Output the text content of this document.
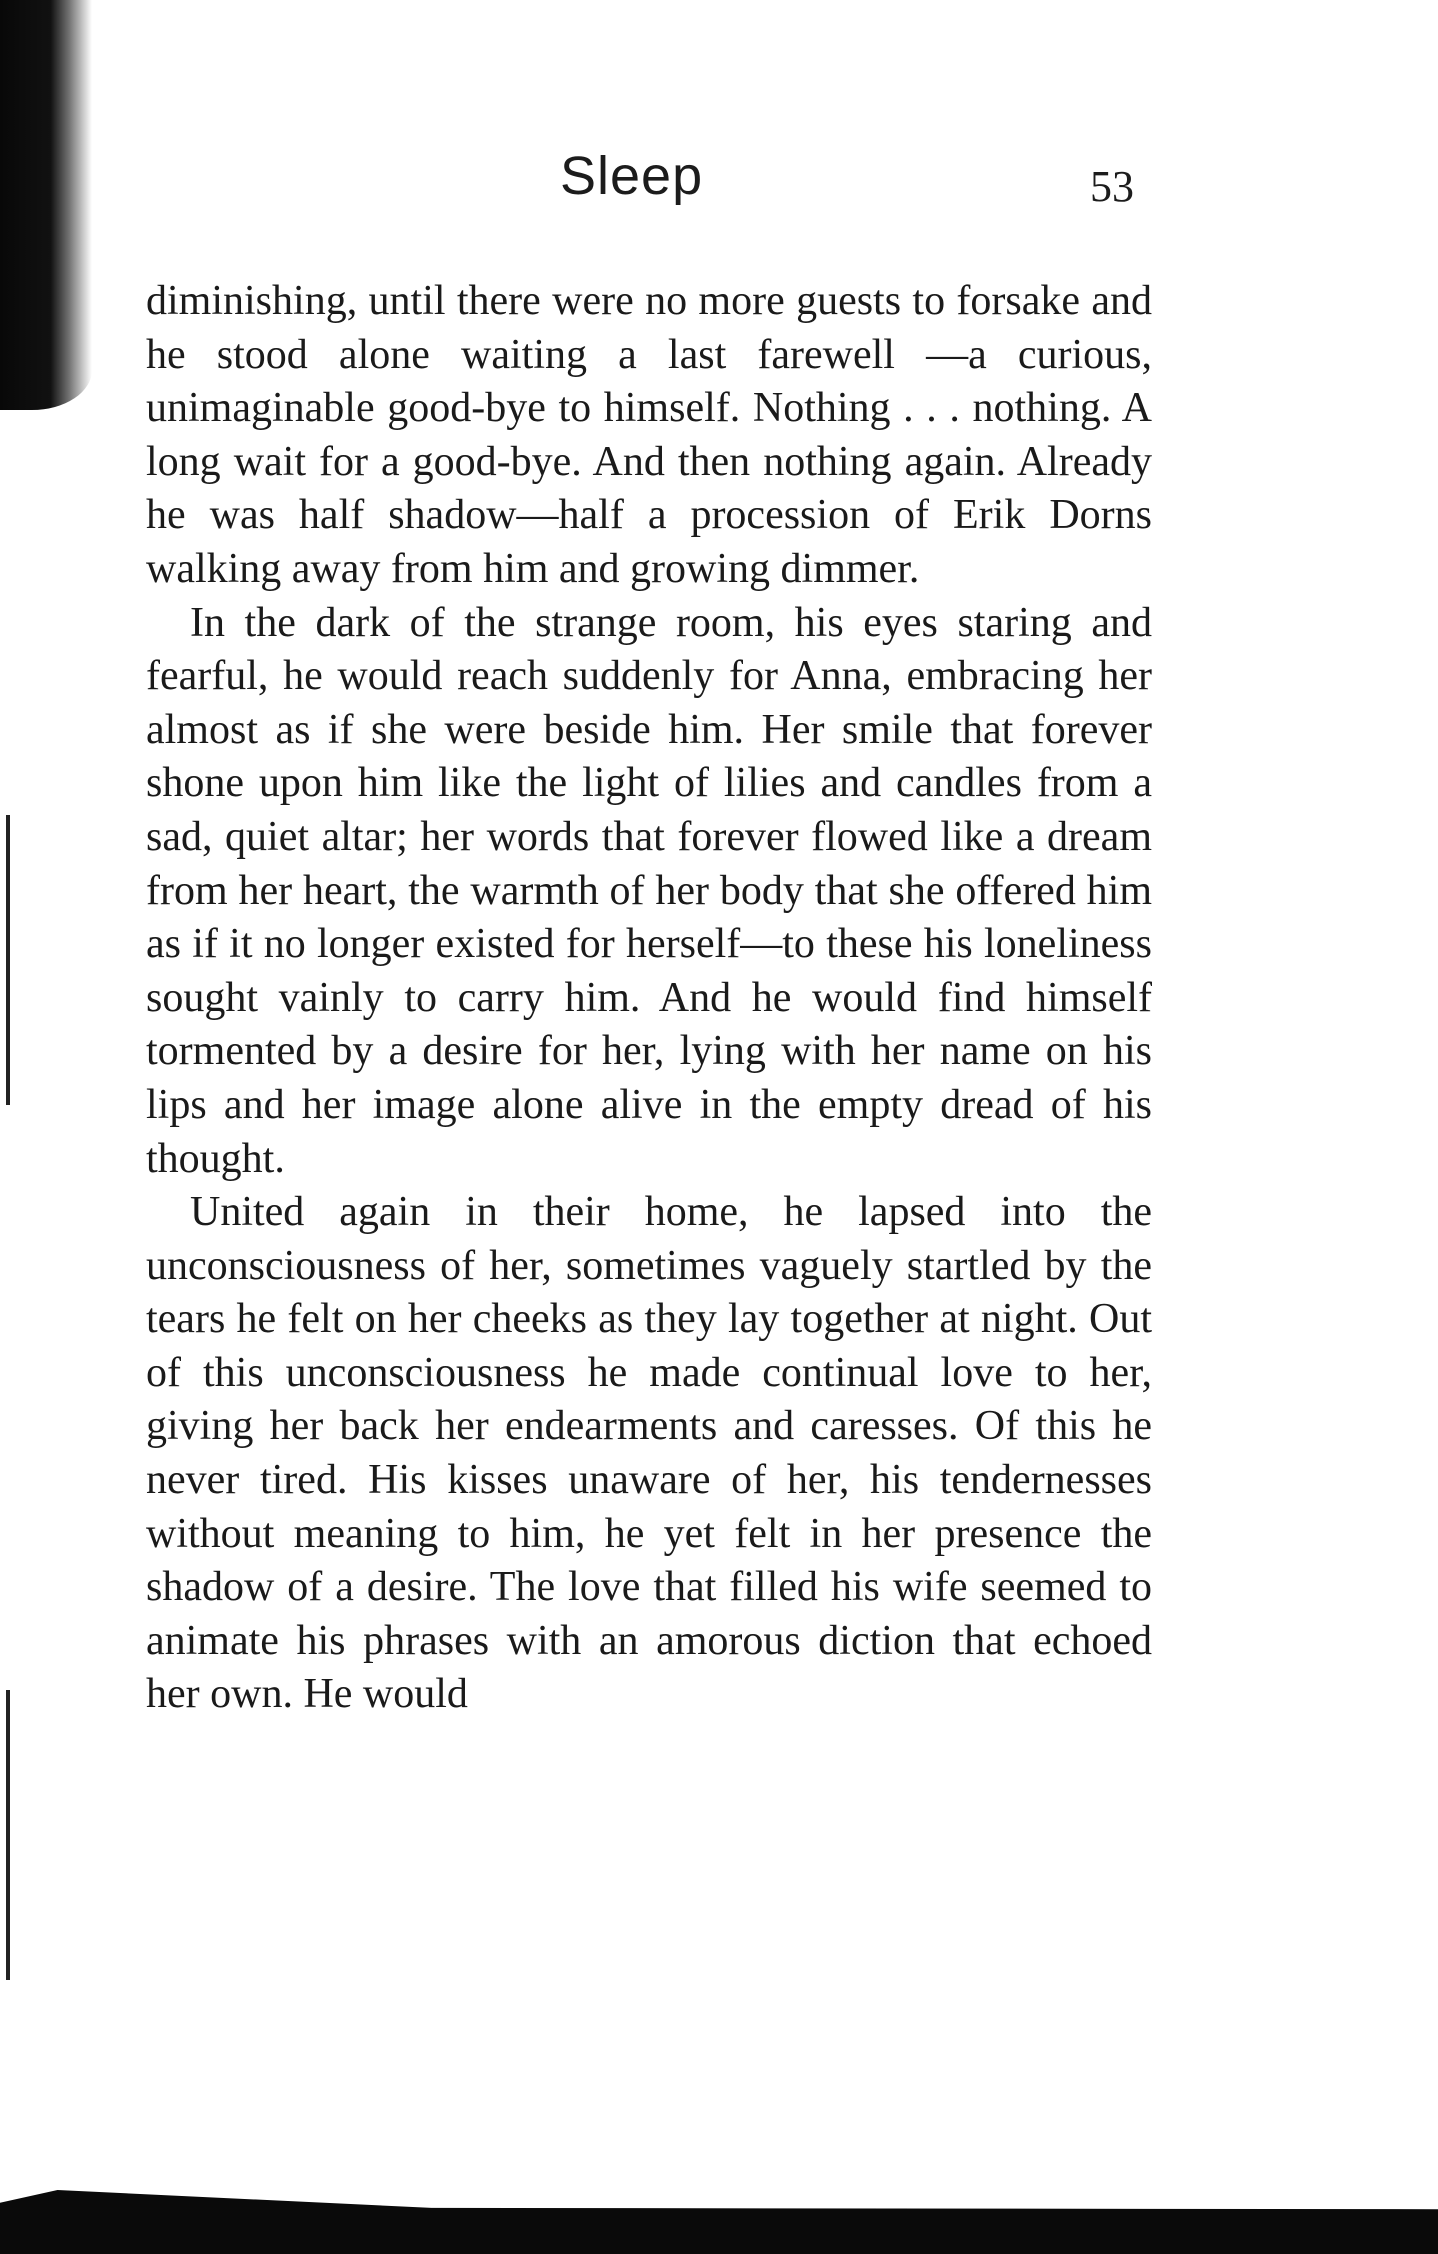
Sleep	53

diminishing, until there were no more guests to forsake and he stood alone waiting a last farewell —a curious, unimaginable good-bye to himself. Nothing . . . nothing. A long wait for a good-bye. And then nothing again. Already he was half shadow—half a procession of Erik Dorns walking away from him and growing dimmer.

In the dark of the strange room, his eyes staring and fearful, he would reach suddenly for Anna, embracing her almost as if she were beside him. Her smile that forever shone upon him like the light of lilies and candles from a sad, quiet altar; her words that forever flowed like a dream from her heart, the warmth of her body that she offered him as if it no longer existed for herself—to these his loneliness sought vainly to carry him. And he would find himself tormented by a desire for her, lying with her name on his lips and her image alone alive in the empty dread of his thought.

United again in their home, he lapsed into the unconsciousness of her, sometimes vaguely startled by the tears he felt on her cheeks as they lay together at night. Out of this unconsciousness he made continual love to her, giving her back her endearments and caresses. Of this he never tired. His kisses unaware of her, his tendernesses without meaning to him, he yet felt in her presence the shadow of a desire. The love that filled his wife seemed to animate his phrases with an amorous diction that echoed her own. He would
